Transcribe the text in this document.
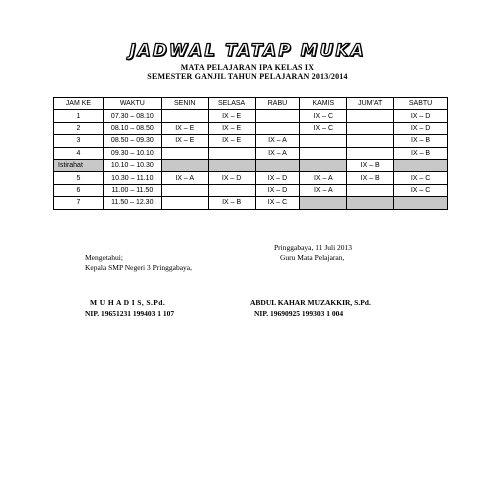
JADWAL TATAP MUKA
MATA PELAJARAN IPA KELAS IX
SEMESTER GANJIL TAHUN PELAJARAN 2013/2014
JAM KE	WAKTU	SENIN	SELASA	RABU	KAMIS	JUM'AT	SABTU
1	07.30 – 08.10		IX – E		IX – C		IX – D
2	08.10 – 08.50	IX – E	IX – E		IX – C		IX – D
3	08.50 – 09.30	IX – E	IX – E	IX – A			IX – B
4	09.30 – 10.10			IX – A			IX – B
Istirahat	10.10 – 10.30					IX – B	
5	10.30 – 11.10	IX – A	IX – D	IX – D	IX – A	IX – B	IX – C
6	11.00 – 11.50			IX – D	IX – A		IX – C
7	11.50 – 12.30		IX – B	IX – C			
Mengetahui;
Kepala SMP Negeri 3 Pringgabaya,
Pringgabaya, 11 Juli 2013
Guru Mata Pelajaran,
M U H A D I S, S.Pd.
NIP. 19651231 199403 1 107
ABDUL KAHAR MUZAKKIR, S.Pd.
NIP. 19690925 199303 1 004
